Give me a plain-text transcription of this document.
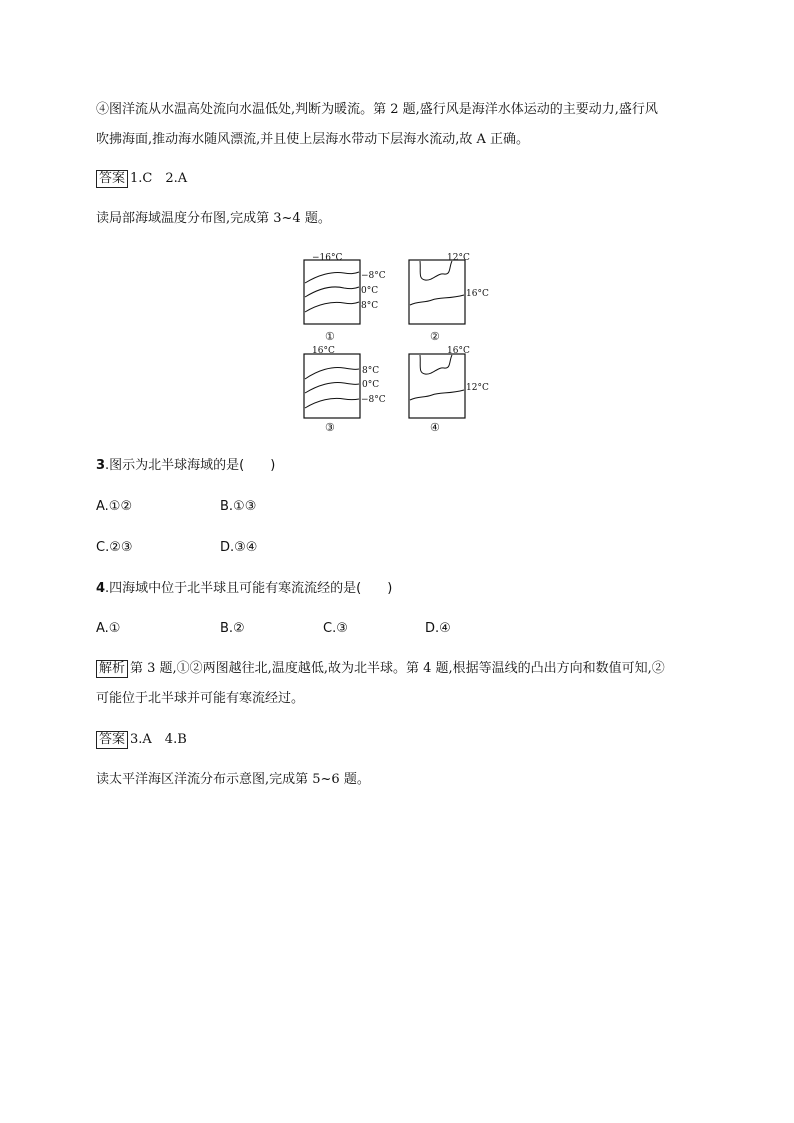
④图洋流从水温高处流向水温低处,判断为暖流。第 2 题,盛行风是海洋水体运动的主要动力,盛行风
吹拂海面,推动海水随风漂流,并且使上层海水带动下层海水流动,故 A 正确。
答案 1.C　2.A
读局部海域温度分布图,完成第 3~4 题。
−16°C
−8°C
0°C
8°C
①
12°C
16°C
②
16°C
8°C
0°C
−8°C
③
16°C
12°C
④
3.图示为北半球海域的是(　　)
A.①②	B.①③
C.②③	D.③④
4.四海域中位于北半球且可能有寒流流经的是(　　)
A.①	B.②	C.③	D.④
解析 第 3 题,①②两图越往北,温度越低,故为北半球。第 4 题,根据等温线的凸出方向和数值可知,②
可能位于北半球并可能有寒流经过。
答案 3.A　4.B
读太平洋海区洋流分布示意图,完成第 5~6 题。
